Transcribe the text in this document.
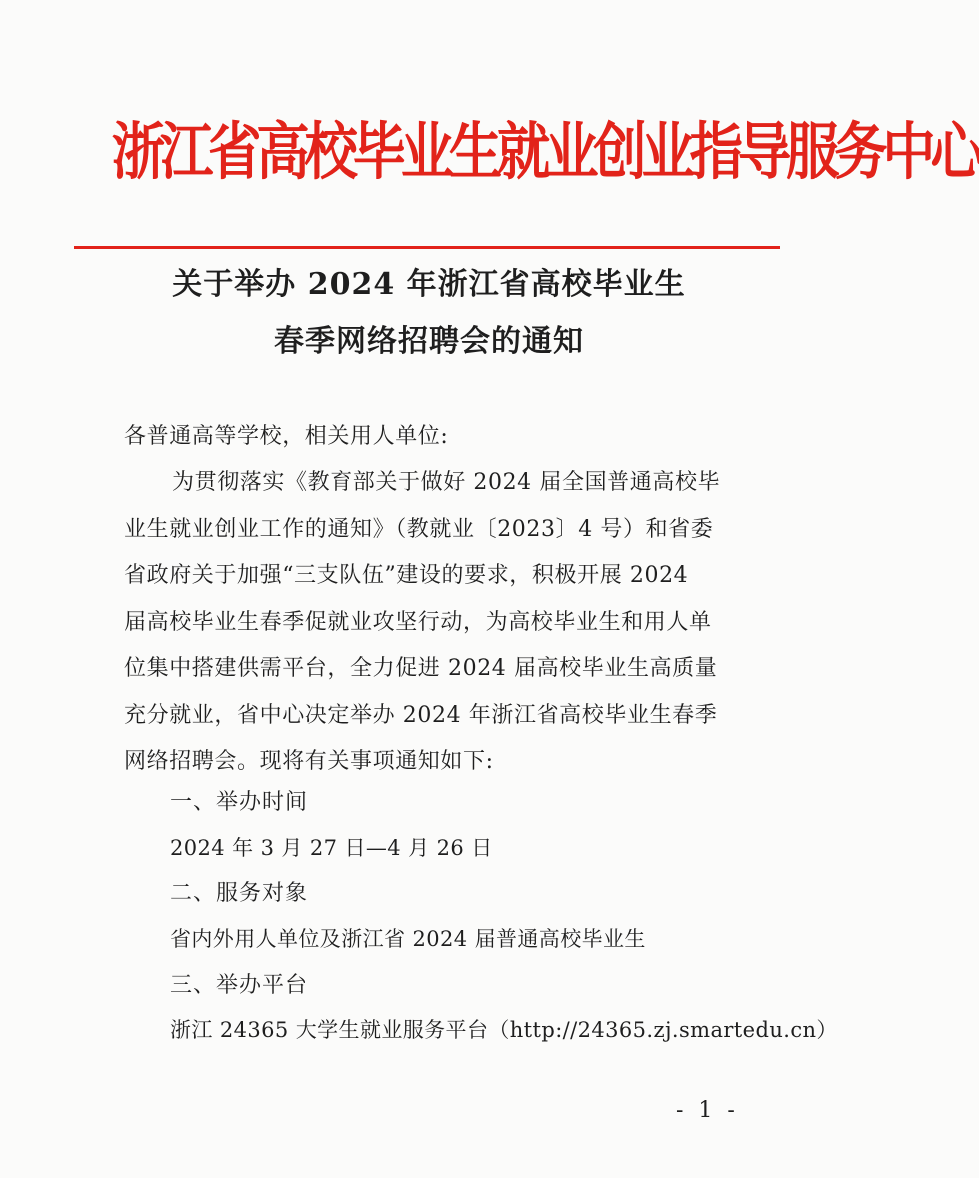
浙江省高校毕业生就业创业指导服务中心
关于举办 2024 年浙江省高校毕业生
春季网络招聘会的通知

各普通高等学校，相关用人单位:

为贯彻落实《教育部关于做好 2024 届全国普通高校毕
业生就业创业工作的通知》（教就业〔2023〕4 号）和省委
省政府关于加强“三支队伍”建设的要求，积极开展 2024
届高校毕业生春季促就业攻坚行动，为高校毕业生和用人单
位集中搭建供需平台，全力促进 2024 届高校毕业生高质量
充分就业，省中心决定举办 2024 年浙江省高校毕业生春季
网络招聘会。现将有关事项通知如下:
一、举办时间
2024 年 3 月 27 日—4 月 26 日
二、服务对象
省内外用人单位及浙江省 2024 届普通高校毕业生
三、举办平台
浙江 24365 大学生就业服务平台（http://24365.zj.smartedu.cn）
- 1 -
